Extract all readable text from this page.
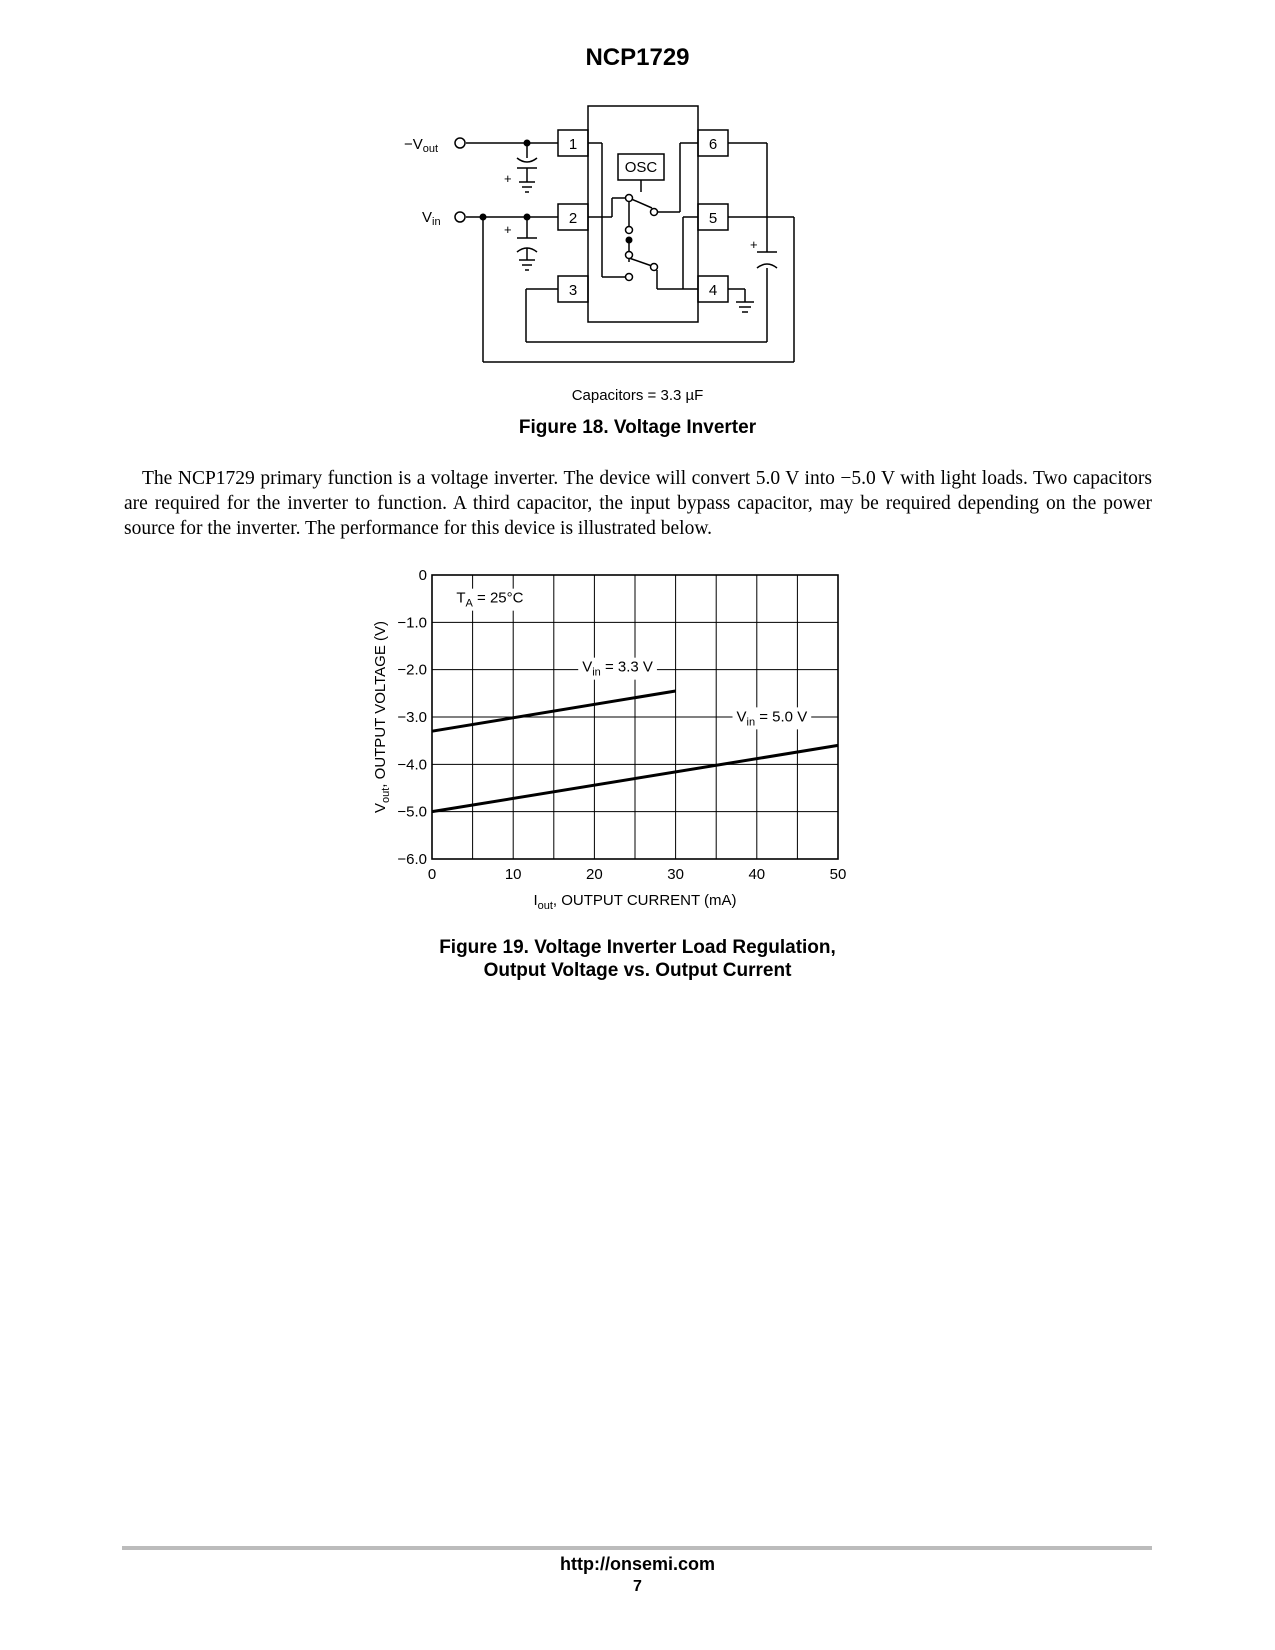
NCP1729
$-V_{out}$
$V_{in}$
1
2
3	4
5
6
OSC
+
+
+
Capacitors = 3.3 µF
Figure 18. Voltage Inverter

The NCP1729 primary function is a voltage inverter. The device will convert 5.0 V into −5.0 V with light loads. Two capacitors are required for the inverter to function. A third capacitor, the input bypass capacitor, may be required depending on the power source for the inverter. The performance for this device is illustrated below.

0	10	20	30	40	50
0
−1.0
−2.0
−3.0
−4.0
−5.0
−6.0
$T_A = 25^\circ C$
$V_{in} = 3.3$ V
$V_{in} = 5.0$ V
$I_{out}$, OUTPUT CURRENT (mA)
$V_{out}$, OUTPUT VOLTAGE (V)
Figure 19. Voltage Inverter Load Regulation,
Output Voltage vs. Output Current
http://onsemi.com
7
